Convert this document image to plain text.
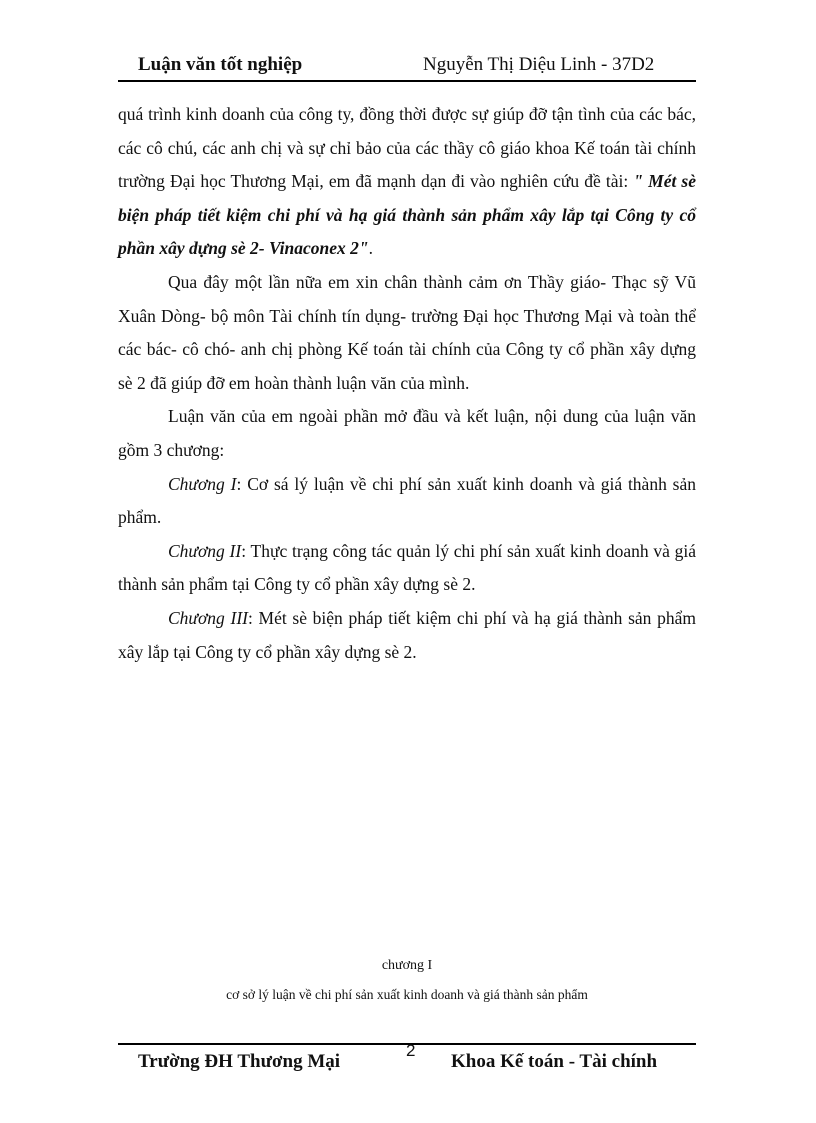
Luận văn tốt nghiệp	Nguyễn Thị Diệu Linh - 37D2

quá trình kinh doanh của công ty, đồng thời được sự giúp đỡ tận tình của các bác, các cô chú, các anh chị và sự chỉ bảo của các thầy cô giáo khoa Kế toán tài chính trường Đại học Thương Mại, em đã mạnh dạn đi vào nghiên cứu đề tài: " Mét sè biện pháp tiết kiệm chi phí và hạ giá thành sản phẩm xây lắp tại Công ty cổ phần xây dựng sè 2- Vinaconex 2".

Qua đây một lần nữa em xin chân thành cảm ơn Thầy giáo- Thạc sỹ Vũ Xuân Dòng- bộ môn Tài chính tín dụng- trường Đại học Thương Mại và toàn thể các bác- cô chó- anh chị phòng Kế toán tài chính của Công ty cổ phần xây dựng sè 2 đã giúp đỡ em hoàn thành luận văn của mình.

Luận văn của em ngoài phần mở đầu và kết luận, nội dung của luận văn gồm 3 chương:

Chương I: Cơ sá lý luận về chi phí sản xuất kinh doanh và giá thành sản phẩm.

Chương II: Thực trạng công tác quản lý chi phí sản xuất kinh doanh và giá thành sản phẩm tại Công ty cổ phần xây dựng sè 2.

Chương III: Mét sè biện pháp tiết kiệm chi phí và hạ giá thành sản phẩm xây lắp tại Công ty cổ phần xây dựng sè 2.

chương I
cơ sở lý luận về chi phí sản xuất kinh doanh và giá thành sản phẩm
Trường ĐH Thương Mại
2
Khoa Kế toán - Tài chính
